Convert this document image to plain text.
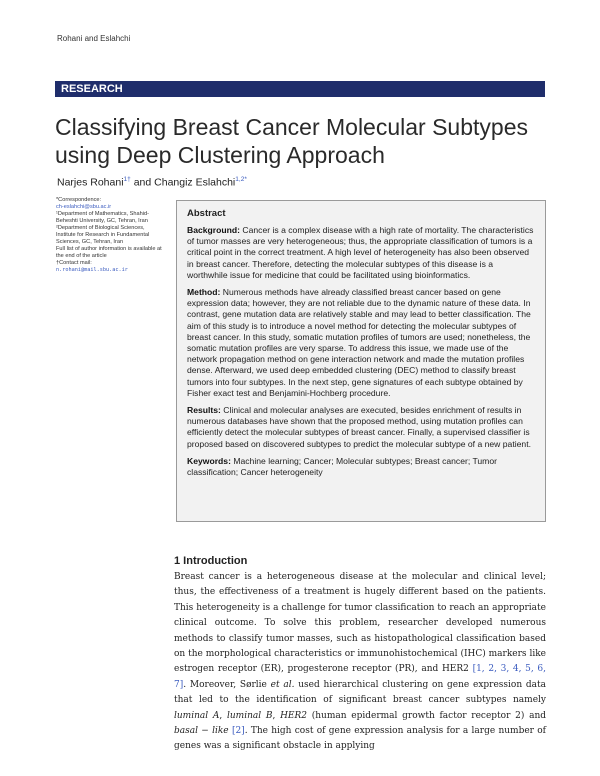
Rohani and Eslahchi
RESEARCH
Classifying Breast Cancer Molecular Subtypes using Deep Clustering Approach
Narjes Rohani$^{1\dagger}$ and Changiz Eslahchi$^{1,2*}$

*Correspondence:

ch-eslahchi@sbu.ac.ir

¹Department of Mathematics, Shahid-Beheshti University, GC, Tehran, Iran

²Department of Biological Sciences, Institute for Research in Fundamental Sciences, GC, Tehran, Iran

Full list of author information is available at the end of the article

†Contact mail:

n.rohani@mail.sbu.ac.ir

Abstract

Background: Cancer is a complex disease with a high rate of mortality. The characteristics of tumor masses are very heterogeneous; thus, the appropriate classification of tumors is a critical point in the correct treatment. A high level of heterogeneity has also been observed in breast cancer. Therefore, detecting the molecular subtypes of this disease is a worthwhile issue for medicine that could be facilitated using bioinformatics.

Method: Numerous methods have already classified breast cancer based on gene expression data; however, they are not reliable due to the dynamic nature of these data. In contrast, gene mutation data are relatively stable and may lead to better classification. The aim of this study is to introduce a novel method for detecting the molecular subtypes of breast cancer. In this study, somatic mutation profiles of tumors are used; nonetheless, the somatic mutation profiles are very sparse. To address this issue, we made use of the network propagation method on gene interaction network and made the mutation profiles dense. Afterward, we used deep embedded clustering (DEC) method to classify breast tumors into four subtypes. In the next step, gene signatures of each subtype obtained by Fisher exact test and Benjamini-Hochberg procedure.

Results: Clinical and molecular analyses are executed, besides enrichment of results in numerous databases have shown that the proposed method, using mutation profiles can efficiently detect the molecular subtypes of breast cancer. Finally, a supervised classifier is proposed based on discovered subtypes to predict the molecular subtype of a new patient.

Keywords: Machine learning; Cancer; Molecular subtypes; Breast cancer; Tumor classification; Cancer heterogeneity

1 Introduction
Breast cancer is a heterogeneous disease at the molecular and clinical level; thus, the effectiveness of a treatment is hugely different based on the patients. This heterogeneity is a challenge for tumor classification to reach an appropriate clinical outcome. To solve this problem, researcher developed numerous methods to classify tumor masses, such as histopathological classification based on the morphological characteristics or immunohistochemical (IHC) markers like estrogen receptor (ER), progesterone receptor (PR), and HER2 [1, 2, 3, 4, 5, 6, 7]. Moreover, Sørlie et al. used hierarchical clustering on gene expression data that led to the identification of significant breast cancer subtypes namely luminal A, luminal B, HER2 (human epidermal growth factor receptor 2) and basal − like [2]. The high cost of gene expression analysis for a large number of genes was a significant obstacle in applying
